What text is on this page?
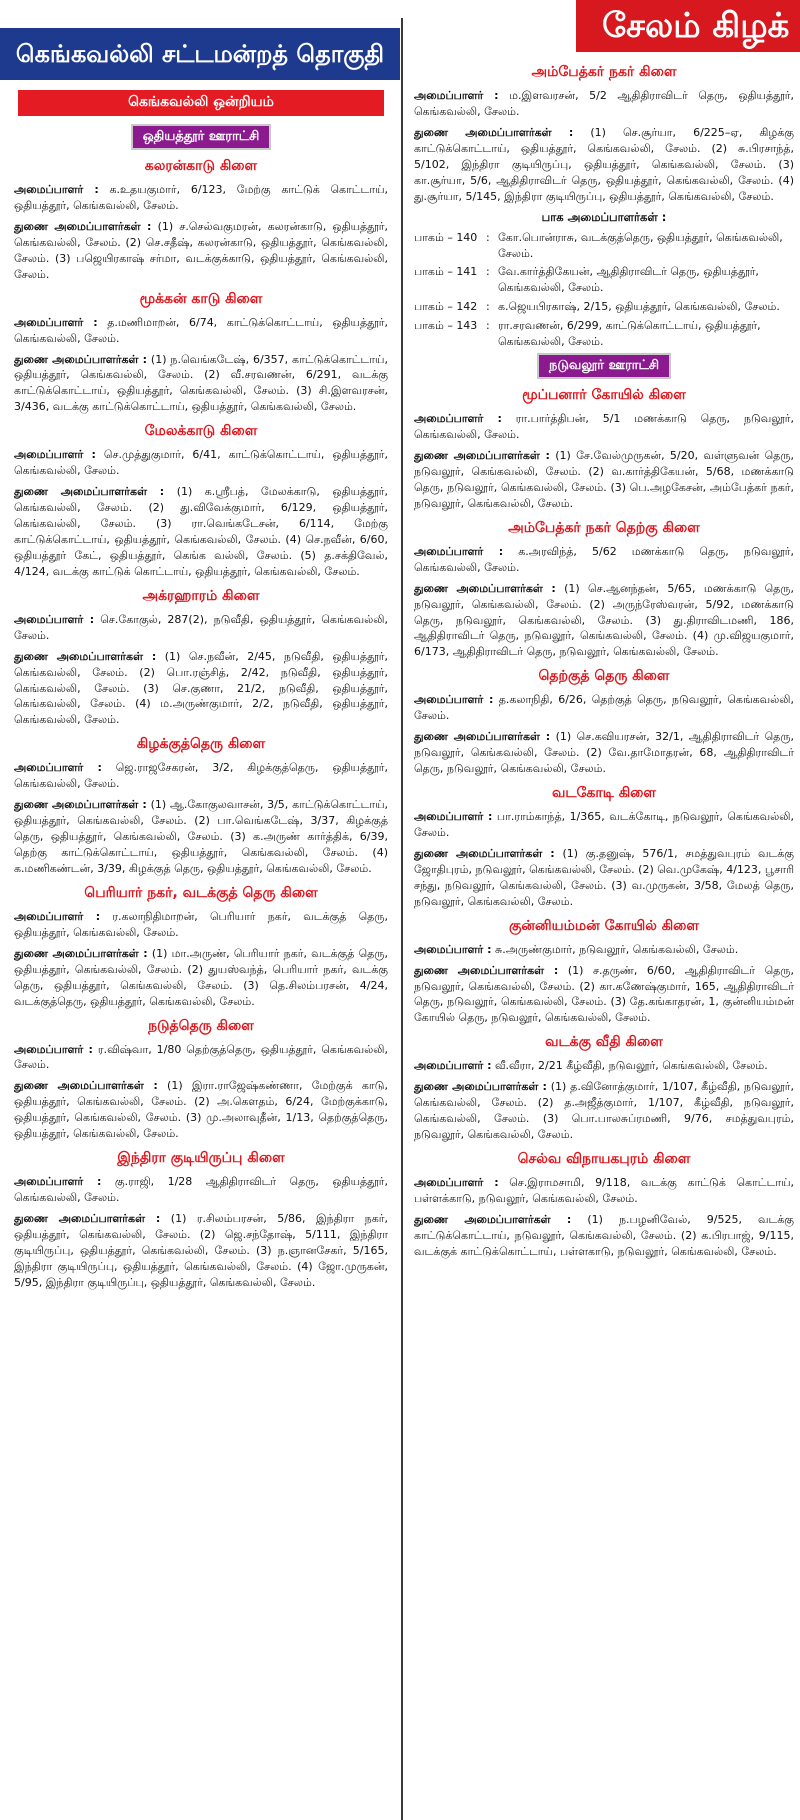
சேலம் கிழக்
கெங்கவல்லி சட்டமன்றத் தொகுதி
கெங்கவல்லி ஒன்றியம்
ஒதியத்தூர் ஊராட்சி
கலரன்காடு கிளை

அமைப்பாளர் : க.உதயகுமார், 6/123, மேற்கு காட்டுக் கொட்டாய், ஒதியத்தூர், கெங்கவல்லி, சேலம்.

துணை அமைப்பாளர்கள் : (1) ச.செல்வகுமரன், கலரன்காடு, ஒதியத்தூர், கெங்கவல்லி, சேலம். (2) செ.சதீஷ், கலரன்காடு, ஒதியத்தூர், கெங்கவல்லி, சேலம். (3) பஜெயிரகாஷ் சர்மா, வடக்குக்காடு, ஒதியத்தூர், கெங்கவல்லி, சேலம்.

மூக்கன் காடு கிளை

அமைப்பாளர் : த.மணிமாறன், 6/74, காட்டுக்கொட்டாய், ஒதியத்தூர், கெங்கவல்லி, சேலம்.

துணை அமைப்பாளர்கள் : (1) ந.வெங்கடேஷ், 6/357, காட்டுக்கொட்டாய், ஒதியத்தூர், கெங்கவல்லி, சேலம். (2) வீ.சரவணன், 6/291, வடக்கு காட்டுக்கொட்டாய், ஒதியத்தூர், கெங்கவல்லி, சேலம். (3) சி.இளவரசன், 3/436, வடக்கு காட்டுக்கொட்டாய், ஒதியத்தூர், கெங்கவல்லி, சேலம்.

மேலக்காடு கிளை

அமைப்பாளர் : செ.முத்துகுமார், 6/41, காட்டுக்கொட்டாய், ஒதியத்தூர், கெங்கவல்லி, சேலம்.

துணை அமைப்பாளர்கள் : (1) க.ஸ்ரீபத், மேலக்காடு, ஒதியத்தூர், கெங்கவல்லி, சேலம். (2) து.விவேக்குமார், 6/129, ஒதியத்தூர், கெங்கவல்லி, சேலம். (3) ரா.வெங்கடேசன், 6/114, மேற்கு காட்டுக்கொட்டாய், ஒதியத்தூர், கெங்கவல்லி, சேலம். (4) செ.நவீன், 6/60, ஒதியத்தூர் கேட், ஒதியத்தூர், கெங்க வல்லி, சேலம். (5) த.சக்திவேல், 4/124, வடக்கு காட்டுக் கொட்டாய், ஒதியத்தூர், கெங்கவல்லி, சேலம்.

அக்ரஹாரம் கிளை

அமைப்பாளர் : செ.கோகுல், 287(2), நடுவீதி, ஒதியத்தூர், கெங்கவல்லி, சேலம்.

துணை அமைப்பாளர்கள் : (1) செ.நவீன், 2/45, நடுவீதி, ஒதியத்தூர், கெங்கவல்லி, சேலம். (2) பொ.ரஞ்சித், 2/42, நடுவீதி, ஒதியத்தூர், கெங்கவல்லி, சேலம். (3) செ.குணா, 21/2, நடுவீதி, ஒதியத்தூர், கெங்கவல்லி, சேலம். (4) ம.அருண்குமார், 2/2, நடுவீதி, ஒதியத்தூர், கெங்கவல்லி, சேலம்.

கிழக்குத்தெரு கிளை

அமைப்பாளர் : ஜெ.ராஜசேகரன், 3/2, கிழக்குத்தெரு, ஒதியத்தூர், கெங்கவல்லி, சேலம்.

துணை அமைப்பாளர்கள் : (1) ஆ.கோகுலவாசன், 3/5, காட்டுக்கொட்டாய், ஒதியத்தூர், கெங்கவல்லி, சேலம். (2) பா.வெங்கடேஷ், 3/37, கிழக்குத் தெரு, ஒதியத்தூர், கெங்கவல்லி, சேலம். (3) க.அருண் கார்த்திக், 6/39, தெற்கு காட்டுக்கொட்டாய், ஒதியத்தூர், கெங்கவல்லி, சேலம். (4) க.மணிகண்டன், 3/39, கிழக்குத் தெரு, ஒதியத்தூர், கெங்கவல்லி, சேலம்.

பெரியார் நகர், வடக்குத் தெரு கிளை

அமைப்பாளர் : ர.கலாநிதிமாறன், பெரியார் நகர், வடக்குத் தெரு, ஒதியத்தூர், கெங்கவல்லி, சேலம்.

துணை அமைப்பாளர்கள் : (1) மா.அருண், பெரியார் நகர், வடக்குத் தெரு, ஒதியத்தூர், கெங்கவல்லி, சேலம். (2) துயஸ்வந்த், பெரியார் நகர், வடக்கு தெரு, ஒதியத்தூர், கெங்கவல்லி, சேலம். (3) தெ.சிலம்பரசன், 4/24, வடக்குத்தெரு, ஒதியத்தூர், கெங்கவல்லி, சேலம்.

நடுத்தெரு கிளை

அமைப்பாளர் : ர.விஷ்வா, 1/80 தெற்குத்தெரு, ஒதியத்தூர், கெங்கவல்லி, சேலம்.

துணை அமைப்பாளர்கள் : (1) இரா.ராஜேஷ்கண்ணா, மேற்குக் காடு, ஒதியத்தூர், கெங்கவல்லி, சேலம். (2) அ.கௌதம், 6/24, மேற்குக்காடு, ஒதியத்தூர், கெங்கவல்லி, சேலம். (3) மு.அலாவுதீன், 1/13, தெற்குத்தெரு, ஒதியத்தூர், கெங்கவல்லி, சேலம்.

இந்திரா குடியிருப்பு கிளை

அமைப்பாளர் : கு.ராஜி, 1/28 ஆதிதிராவிடர் தெரு, ஒதியத்தூர், கெங்கவல்லி, சேலம்.

துணை அமைப்பாளர்கள் : (1) ர.சிலம்பரசன், 5/86, இந்திரா நகர், ஒதியத்தூர், கெங்கவல்லி, சேலம். (2) ஜெ.சந்தோஷ், 5/111, இந்திரா குடியிருப்பு, ஒதியத்தூர், கெங்கவல்லி, சேலம். (3) ந.ஞானசேகர், 5/165, இந்திரா குடியிருப்பு, ஒதியத்தூர், கெங்கவல்லி, சேலம். (4) ஜோ.முருகன், 5/95, இந்திரா குடியிருப்பு, ஒதியத்தூர், கெங்கவல்லி, சேலம்.

அம்பேத்கர் நகர் கிளை

அமைப்பாளர் : ம.இளவரசன், 5/2 ஆதிதிராவிடர் தெரு, ஒதியத்தூர், கெங்கவல்லி, சேலம்.

துணை அமைப்பாளர்கள் : (1) செ.சூர்யா, 6/225–ஏ, கிழக்கு காட்டுக்கொட்டாய், ஒதியத்தூர், கெங்கவல்லி, சேலம். (2) சு.பிரசாந்த், 5/102, இந்திரா குடியிருப்பு, ஒதியத்தூர், கெங்கவல்லி, சேலம். (3) கா.சூர்யா, 5/6, ஆதிதிராவிடர் தெரு, ஒதியத்தூர், கெங்கவல்லி, சேலம். (4) து.சூர்யா, 5/145, இந்திரா குடியிருப்பு, ஒதியத்தூர், கெங்கவல்லி, சேலம்.

பாக அமைப்பாளர்கள் :
பாகம் – 140 : கோ.பொன்ராசு, வடக்குத்தெரு, ஒதியத்தூர், கெங்கவல்லி, சேலம்.
பாகம் – 141 : வே.கார்த்திகேயன், ஆதிதிராவிடர் தெரு, ஒதியத்தூர், கெங்கவல்லி, சேலம்.
பாகம் – 142 : க.ஜெயபிரகாஷ், 2/15, ஒதியத்தூர், கெங்கவல்லி, சேலம்.
பாகம் – 143 : ரா.சரவணன், 6/299, காட்டுக்கொட்டாய், ஒதியத்தூர், கெங்கவல்லி, சேலம்.
நடுவலூர் ஊராட்சி
மூப்பனார் கோயில் கிளை

அமைப்பாளர் : ரா.பார்த்திபன், 5/1 மணக்காடு தெரு, நடுவலூர், கெங்கவல்லி, சேலம்.

துணை அமைப்பாளர்கள் : (1) சே.வேல்முருகன், 5/20, வள்ளுவன் தெரு, நடுவலூர், கெங்கவல்லி, சேலம். (2) வ.கார்த்திகேயன், 5/68, மணக்காடு தெரு, நடுவலூர், கெங்கவல்லி, சேலம். (3) பெ.அழகேசன், அம்பேத்கர் நகர், நடுவலூர், கெங்கவல்லி, சேலம்.

அம்பேத்கர் நகர் தெற்கு கிளை

அமைப்பாளர் : க.அரவிந்த், 5/62 மணக்காடு தெரு, நடுவலூர், கெங்கவல்லி, சேலம்.

துணை அமைப்பாளர்கள் : (1) செ.ஆனந்தன், 5/65, மணக்காடு தெரு, நடுவலூர், கெங்கவல்லி, சேலம். (2) அருந்ரேஸ்வரன், 5/92, மணக்காடு தெரு, நடுவலூர், கெங்கவல்லி, சேலம். (3) து.திராவிடமணி, 186, ஆதிதிராவிடர் தெரு, நடுவலூர், கெங்கவல்லி, சேலம். (4) மு.விஜயகுமார், 6/173, ஆதிதிராவிடர் தெரு, நடுவலூர், கெங்கவல்லி, சேலம்.

தெற்குத் தெரு கிளை

அமைப்பாளர் : த.கலாநிதி, 6/26, தெற்குத் தெரு, நடுவலூர், கெங்கவல்லி, சேலம்.

துணை அமைப்பாளர்கள் : (1) செ.கவியரசன், 32/1, ஆதிதிராவிடர் தெரு, நடுவலூர், கெங்கவல்லி, சேலம். (2) வே.தாமோதரன், 68, ஆதிதிராவிடர் தெரு, நடுவலூர், கெங்கவல்லி, சேலம்.

வடகோடி கிளை

அமைப்பாளர் : பா.ராம்காந்த், 1/365, வடக்கோடி, நடுவலூர், கெங்கவல்லி, சேலம்.

துணை அமைப்பாளர்கள் : (1) கு.தனுஷ், 576/1, சமத்துவபுரம் வடக்கு ஜோதிபுரம், நடுவலூர், கெங்கவல்லி, சேலம். (2) வெ.முகேஷ், 4/123, பூசாரி சந்து, நடுவலூர், கெங்கவல்லி, சேலம். (3) வ.முருகன், 3/58, மேலத் தெரு, நடுவலூர், கெங்கவல்லி, சேலம்.

குன்னியம்மன் கோயில் கிளை

அமைப்பாளர் : சு.அருண்குமார், நடுவலூர், கெங்கவல்லி, சேலம்.

துணை அமைப்பாளர்கள் : (1) ச.தருண், 6/60, ஆதிதிராவிடர் தெரு, நடுவலூர், கெங்கவல்லி, சேலம். (2) கா.கணேஷ்குமார், 165, ஆதிதிராவிடர் தெரு, நடுவலூர், கெங்கவல்லி, சேலம். (3) தே.கங்காதரன், 1, குன்னியம்மன் கோயில் தெரு, நடுவலூர், கெங்கவல்லி, சேலம்.

வடக்கு வீதி கிளை

அமைப்பாளர் : வீ.வீரா, 2/21 கீழ்வீதி, நடுவலூர், கெங்கவல்லி, சேலம்.

துணை அமைப்பாளர்கள் : (1) த.வினோத்குமார், 1/107, கீழ்வீதி, நடுவலூர், கெங்கவல்லி, சேலம். (2) த.அஜீத்குமார், 1/107, கீழ்வீதி, நடுவலூர், கெங்கவல்லி, சேலம். (3) பொ.பாலசுப்ரமணி, 9/76, சமத்துவபுரம், நடுவலூர், கெங்கவல்லி, சேலம்.

செல்வ விநாயகபுரம் கிளை

அமைப்பாளர் : செ.இராமசாமி, 9/118, வடக்கு காட்டுக் கொட்டாய், பள்ளக்காடு, நடுவலூர், கெங்கவல்லி, சேலம்.

துணை அமைப்பாளர்கள் : (1) ந.பழனிவேல், 9/525, வடக்கு காட்டுக்கொட்டாய், நடுவலூர், கெங்கவல்லி, சேலம். (2) க.பிரபாஜ், 9/115, வடக்குக் காட்டுக்கொட்டாய், பள்ளகாடு, நடுவலூர், கெங்கவல்லி, சேலம்.
